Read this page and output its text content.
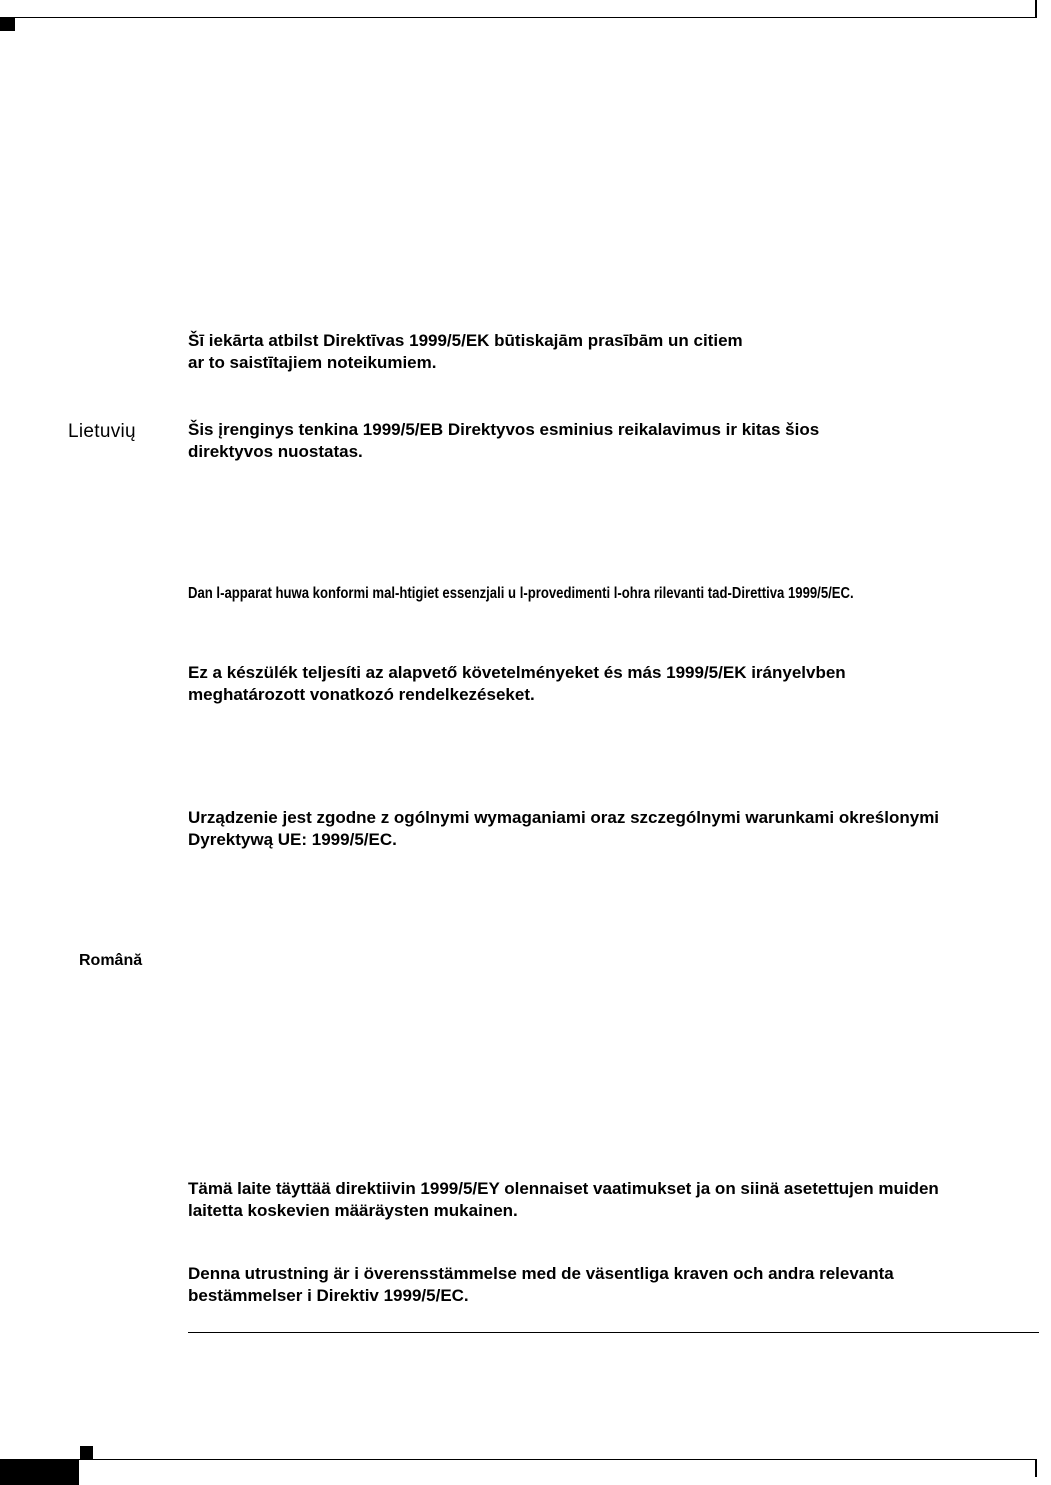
Šī iekārta atbilst Direktīvas 1999/5/EK būtiskajām prasībām un citiem
ar to saistītajiem noteikumiem.
Lietuvių	Šis įrenginys tenkina 1999/5/EB Direktyvos esminius reikalavimus ir kitas šios
direktyvos nuostatas.
Dan l-apparat huwa konformi mal-htigiet essenzjali u l-provedimenti l-ohra rilevanti tad-Direttiva 1999/5/EC.
Ez a készülék teljesíti az alapvető követelményeket és más 1999/5/EK irányelvben
meghatározott vonatkozó rendelkezéseket.
Urządzenie jest zgodne z ogólnymi wymaganiami oraz szczególnymi warunkami określonymi
Dyrektywą UE: 1999/5/EC.
Română
Tämä laite täyttää direktiivin 1999/5/EY olennaiset vaatimukset ja on siinä asetettujen muiden
laitetta koskevien määräysten mukainen.
Denna utrustning är i överensstämmelse med de väsentliga kraven och andra relevanta
bestämmelser i Direktiv 1999/5/EC.
